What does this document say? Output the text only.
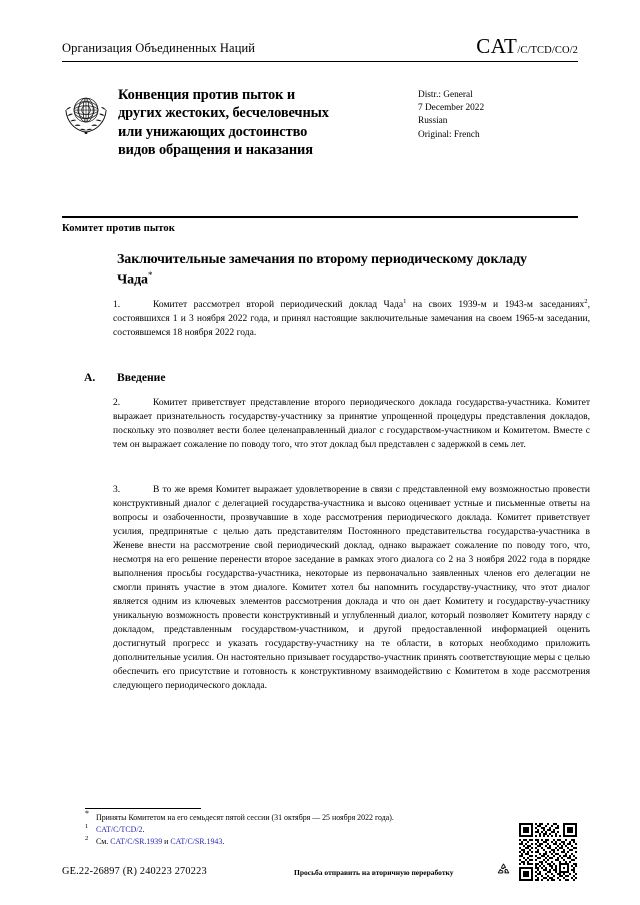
Организация Объединенных Наций	CAT/C/TCD/CO/2
Конвенция против пыток и
других жестоких, бесчеловечных
или унижающих достоинство
видов обращения и наказания
Distr.: General
7 December 2022
Russian
Original: French
Комитет против пыток
Заключительные замечания по второму периодическому докладу Чада*
1.	Комитет рассмотрел второй периодический доклад Чада$^1$ на своих 1939-м и 1943-м заседаниях$^2$, состоявшихся 1 и 3 ноября 2022 года, и принял настоящие заключительные замечания на своем 1965-м заседании, состоявшемся 18 ноября 2022 года.
A. Введение
2.	Комитет приветствует представление второго периодического доклада государства-участника. Комитет выражает признательность государству-участнику за принятие упрощенной процедуры представления докладов, поскольку это позволяет вести более целенаправленный диалог с государством-участником и Комитетом. Вместе с тем он выражает сожаление по поводу того, что этот доклад был представлен с задержкой в семь лет.
3.	В то же время Комитет выражает удовлетворение в связи с представленной ему возможностью провести конструктивный диалог с делегацией государства-участника и высоко оценивает устные и письменные ответы на вопросы и озабоченности, прозвучавшие в ходе рассмотрения периодического доклада. Комитет приветствует усилия, предпринятые с целью дать представителям Постоянного представительства государства-участника в Женеве внести на рассмотрение свой периодический доклад, однако выражает сожаление по поводу того, что, несмотря на его решение перенести второе заседание в рамках этого диалога со 2 на 3 ноября 2022 года в порядке выполнения просьбы государства-участника, некоторые из первоначально заявленных членов его делегации не смогли принять участие в этом диалоге. Комитет хотел бы напомнить государству-участнику, что этот диалог является одним из ключевых элементов рассмотрения доклада и что он дает Комитету и государству-участнику уникальную возможность провести конструктивный и углубленный диалог, который позволяет Комитету наряду с докладом, представленным государством-участником, и другой предоставленной информацией оценить достигнутый прогресс и указать государству-участнику на те области, в которых необходимо приложить дополнительные усилия. Он настоятельно призывает государство-участник принять соответствующие меры с целью обеспечить его присутствие и готовность к конструктивному взаимодействию с Комитетом в ходе рассмотрения следующего периодического доклада.
* Приняты Комитетом на его семьдесят пятой сессии (31 октября — 25 ноября 2022 года).
1 CAT/C/TCD/2.
2 См. CAT/C/SR.1939 и CAT/C/SR.1943.
GE.22-26897 (R) 240223 270223	Просьба отправить на вторичную переработку
